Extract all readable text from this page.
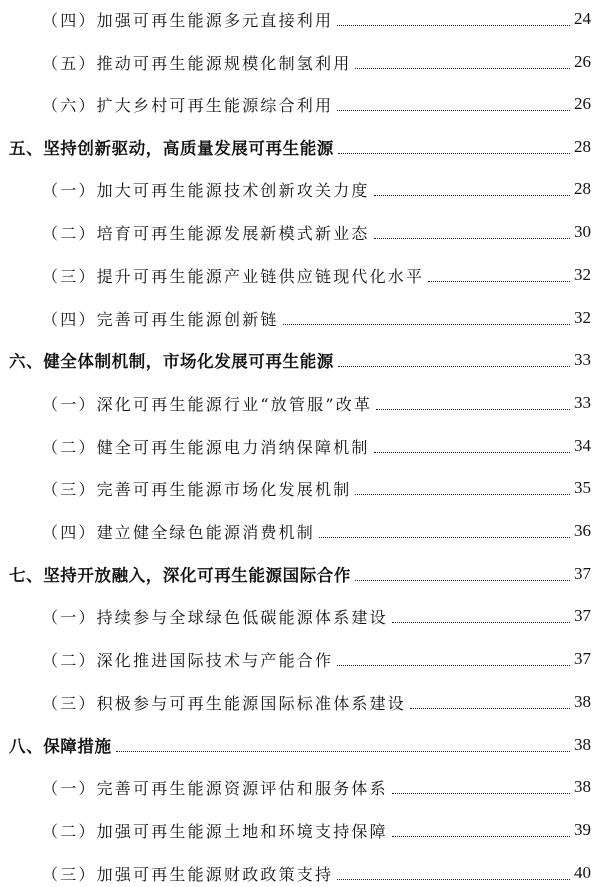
（四）加强可再生能源多元直接利用	24
（五）推动可再生能源规模化制氢利用	26
（六）扩大乡村可再生能源综合利用	26
五、坚持创新驱动，高质量发展可再生能源	28
（一）加大可再生能源技术创新攻关力度	28
（二）培育可再生能源发展新模式新业态	30
（三）提升可再生能源产业链供应链现代化水平	32
（四）完善可再生能源创新链	32
六、健全体制机制，市场化发展可再生能源	33
（一）深化可再生能源行业“放管服”改革	33
（二）健全可再生能源电力消纳保障机制	34
（三）完善可再生能源市场化发展机制	35
（四）建立健全绿色能源消费机制	36
七、坚持开放融入，深化可再生能源国际合作	37
（一）持续参与全球绿色低碳能源体系建设	37
（二）深化推进国际技术与产能合作	37
（三）积极参与可再生能源国际标准体系建设	38
八、保障措施	38
（一）完善可再生能源资源评估和服务体系	38
（二）加强可再生能源土地和环境支持保障	39
（三）加强可再生能源财政政策支持	40
